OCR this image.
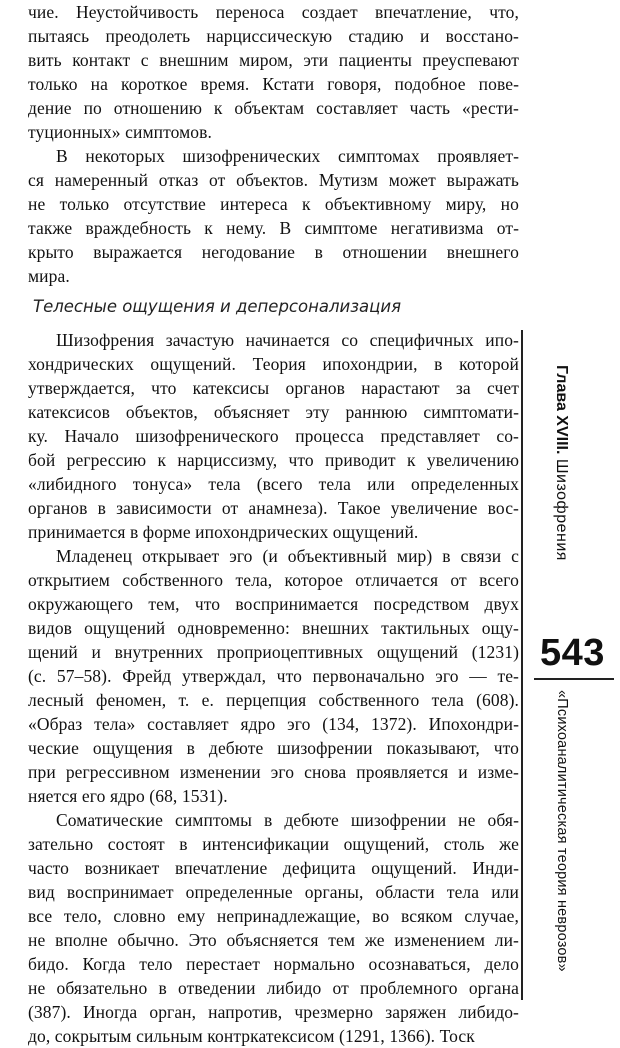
чие. Неустойчивость переноса создает впечатление, что,
пытаясь преодолеть нарциссическую стадию и восстано-
вить контакт с внешним миром, эти пациенты преуспевают
только на короткое время. Кстати говоря, подобное пове-
дение по отношению к объектам составляет часть «рести-
туционных» симптомов.
В некоторых шизофренических симптомах проявляет-
ся намеренный отказ от объектов. Мутизм может выражать
не только отсутствие интереса к объективному миру, но
также враждебность к нему. В симптоме негативизма от-
крыто выражается негодование в отношении внешнего
мира.
Телесные ощущения и деперсонализация
Шизофрения зачастую начинается со специфичных ипо-
хондрических ощущений. Теория ипохондрии, в которой
утверждается, что катексисы органов нарастают за счет
катексисов объектов, объясняет эту раннюю симптомати-
ку. Начало шизофренического процесса представляет со-
бой регрессию к нарциссизму, что приводит к увеличению
«либидного тонуса» тела (всего тела или определенных
органов в зависимости от анамнеза). Такое увеличение вос-
принимается в форме ипохондрических ощущений.
Младенец открывает эго (и объективный мир) в связи с
открытием собственного тела, которое отличается от всего
окружающего тем, что воспринимается посредством двух
видов ощущений одновременно: внешних тактильных ощу-
щений и внутренних проприоцептивных ощущений (1231)
(с. 57–58). Фрейд утверждал, что первоначально эго — те-
лесный феномен, т. е. перцепция собственного тела (608).
«Образ тела» составляет ядро эго (134, 1372). Ипохондри-
ческие ощущения в дебюте шизофрении показывают, что
при регрессивном изменении эго снова проявляется и изме-
няется его ядро (68, 1531).
Соматические симптомы в дебюте шизофрении не обя-
зательно состоят в интенсификации ощущений, столь же
часто возникает впечатление дефицита ощущений. Инди-
вид воспринимает определенные органы, области тела или
все тело, словно ему непринадлежащие, во всяком случае,
не вполне обычно. Это объясняется тем же изменением ли-
бидо. Когда тело перестает нормально осознаваться, дело
не обязательно в отведении либидо от проблемного органа
(387). Иногда орган, напротив, чрезмерно заряжен либидо-
до, сокрытым сильным контркатексисом (1291, 1366). Тоск
Глава XVIII. Шизофрения
543
«Психоаналитическая теория неврозов»
